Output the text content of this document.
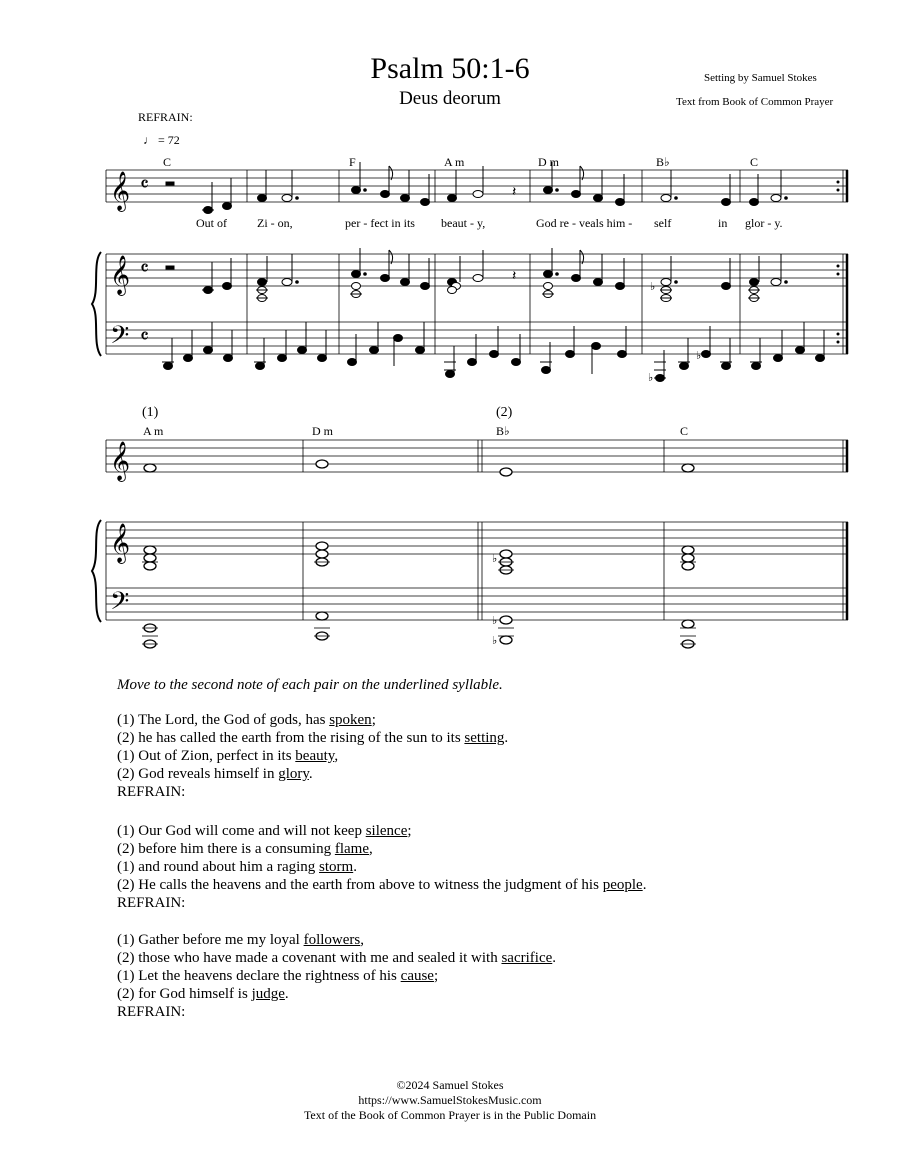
Psalm 50:1-6
Deus deorum
Setting by Samuel Stokes
Text from Book of Common Prayer
REFRAIN:
♩ = 72
𝄞
𝄞
𝄢
𝄴
𝄴
𝄴
C	F	A m	D m	B♭	C
Out of	Zi - on,	per - fect in its beaut - y,	God re - veals him - self	in glor - y.
𝄽
𝄽
♭
♭
♭
𝄞
𝄞
𝄢
(1)	(2)
A m	D m	B♭	C
♭
♭
♭
Move to the second note of each pair on the underlined syllable.
(1) The Lord, the God of gods, has spoken;
(2) he has called the earth from the rising of the sun to its setting.
(1) Out of Zion, perfect in its beauty,
(2) God reveals himself in glory.
REFRAIN:
(1) Our God will come and will not keep silence;
(2) before him there is a consuming flame,
(1) and round about him a raging storm.
(2) He calls the heavens and the earth from above to witness the judgment of his people.
REFRAIN:
(1) Gather before me my loyal followers,
(2) those who have made a covenant with me and sealed it with sacrifice.
(1) Let the heavens declare the rightness of his cause;
(2) for God himself is judge.
REFRAIN:
©2024 Samuel Stokes
https://www.SamuelStokesMusic.com
Text of the Book of Common Prayer is in the Public Domain
